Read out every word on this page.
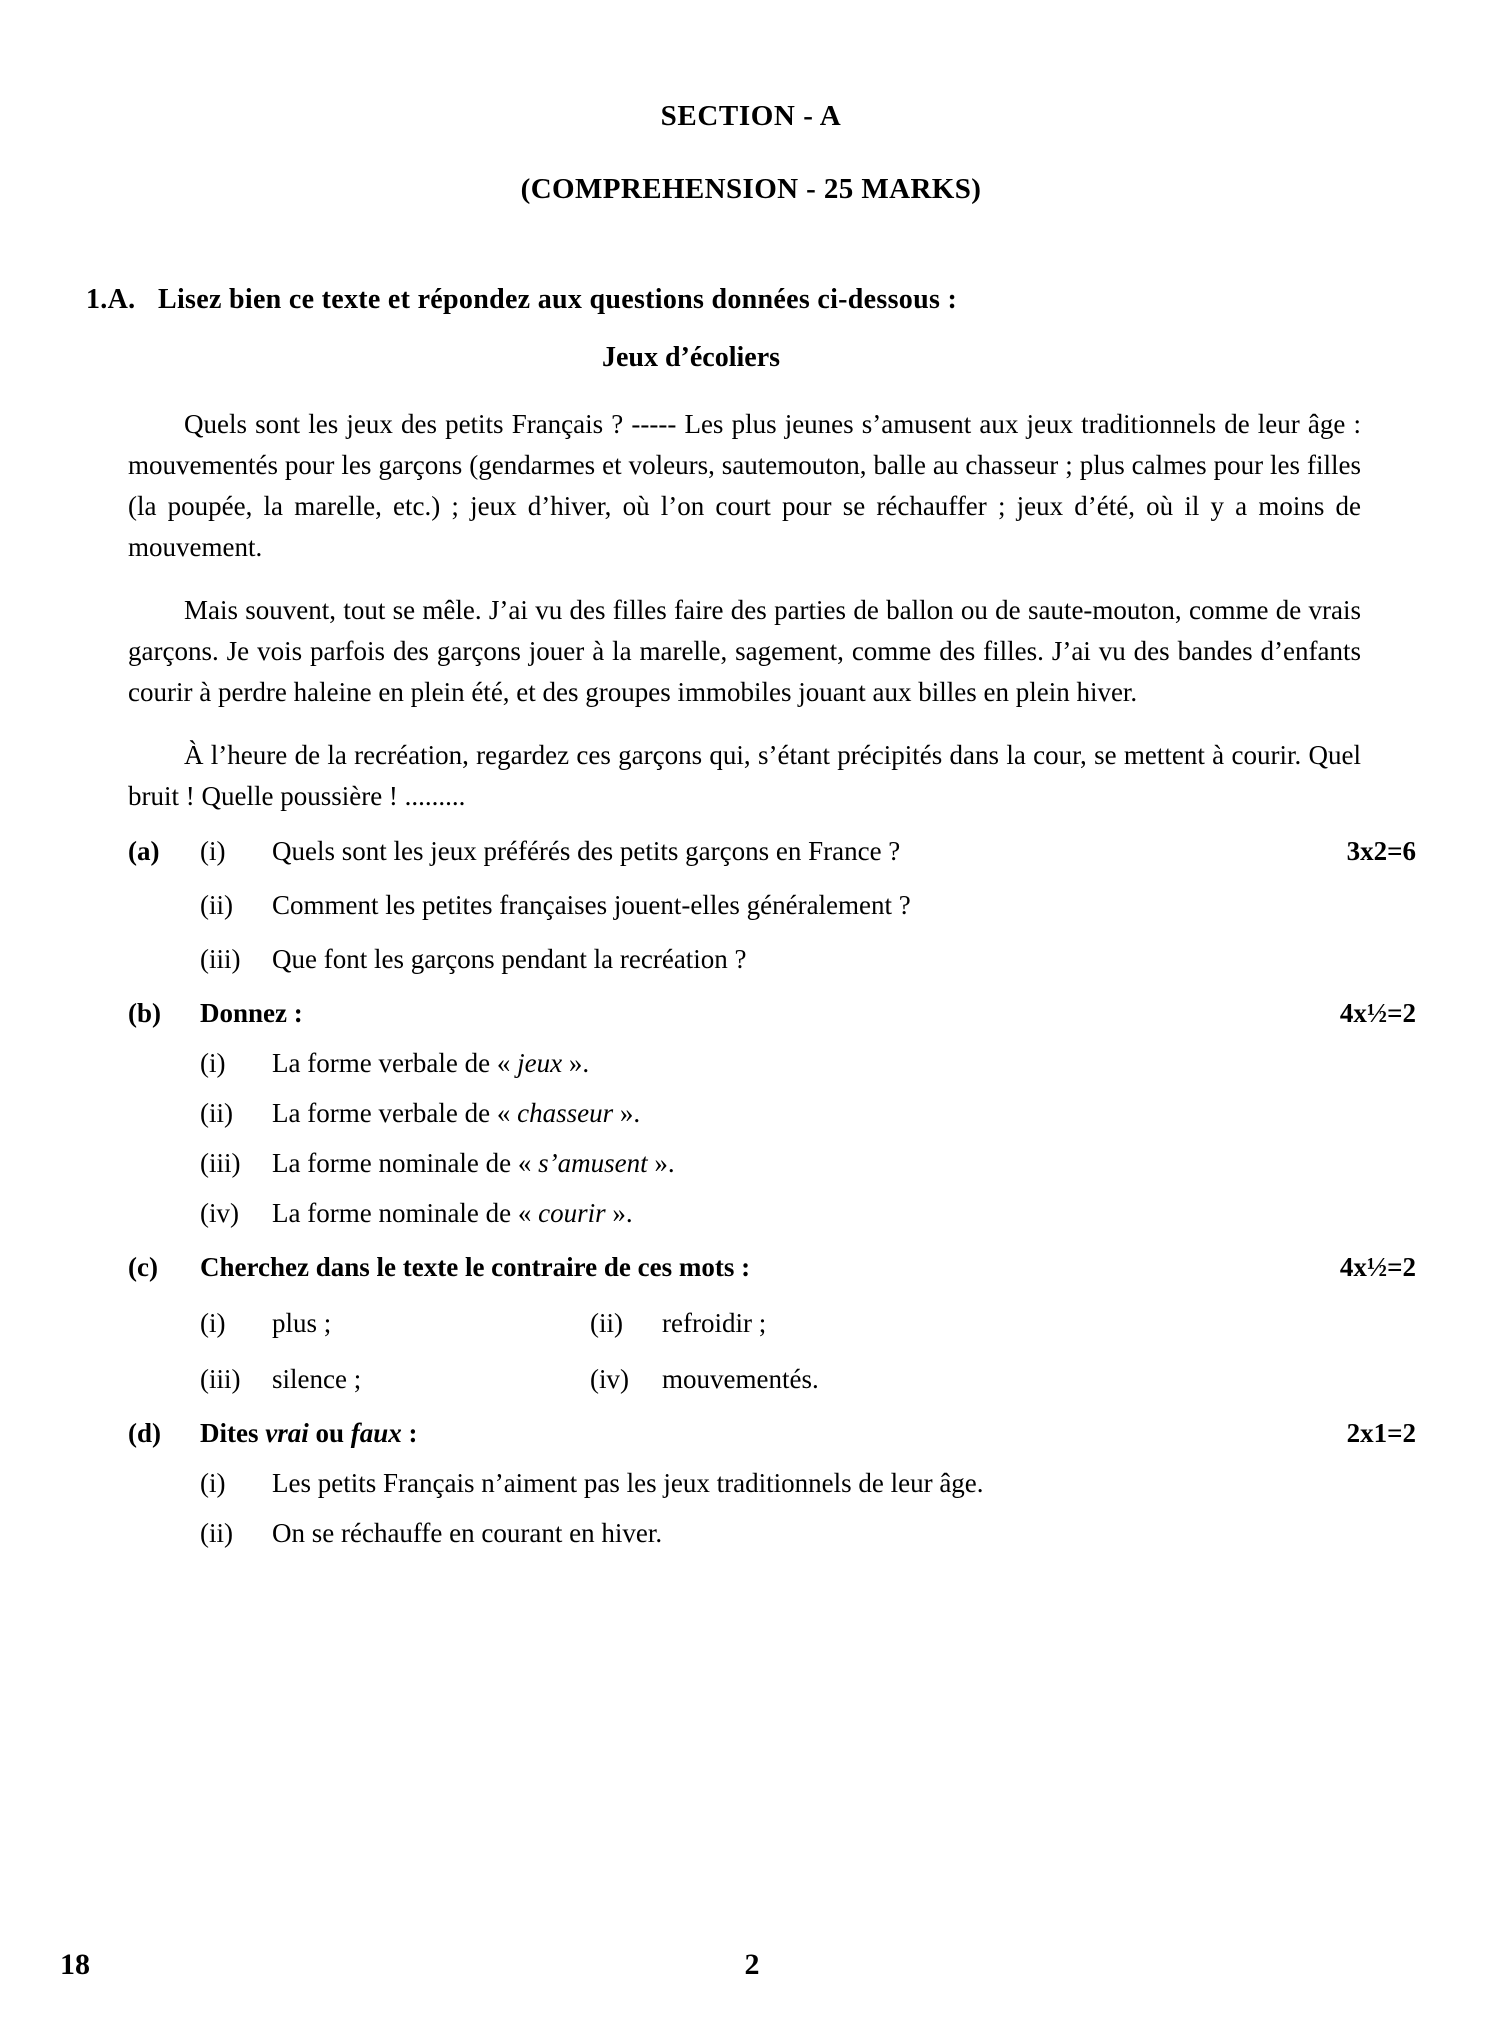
SECTION - A
(COMPREHENSION - 25 MARKS)
1.A. Lisez bien ce texte et répondez aux questions données ci-dessous :
Jeux d’écoliers

Quels sont les jeux des petits Français ? ----- Les plus jeunes s’amusent aux jeux traditionnels de leur âge : mouvementés pour les garçons (gendarmes et voleurs, sautemouton, balle au chasseur ; plus calmes pour les filles (la poupée, la marelle, etc.) ; jeux d’hiver, où l’on court pour se réchauffer ; jeux d’été, où il y a moins de mouvement.

Mais souvent, tout se mêle. J’ai vu des filles faire des parties de ballon ou de saute-mouton, comme de vrais garçons. Je vois parfois des garçons jouer à la marelle, sagement, comme des filles. J’ai vu des bandes d’enfants courir à perdre haleine en plein été, et des groupes immobiles jouant aux billes en plein hiver.

À l’heure de la recréation, regardez ces garçons qui, s’étant précipités dans la cour, se mettent à courir. Quel bruit ! Quelle poussière ! .........

(a)	(i)	Quels sont les jeux préférés des petits garçons en France ?	3x2=6
(ii)	Comment les petites françaises jouent-elles généralement ?
(iii)	Que font les garçons pendant la recréation ?
(b)	Donnez :	4x½=2
(i)	La forme verbale de « jeux ».
(ii)	La forme verbale de « chasseur ».
(iii)	La forme nominale de « s’amusent ».
(iv)	La forme nominale de « courir ».
(c)	Cherchez dans le texte le contraire de ces mots :	4x½=2
(i)	plus ;	(ii)	refroidir ;
(iii)	silence ;	(iv)	mouvementés.
(d)	Dites vrai ou faux :	2x1=2
(i)	Les petits Français n’aiment pas les jeux traditionnels de leur âge.
(ii)	On se réchauffe en courant en hiver.
18	2
